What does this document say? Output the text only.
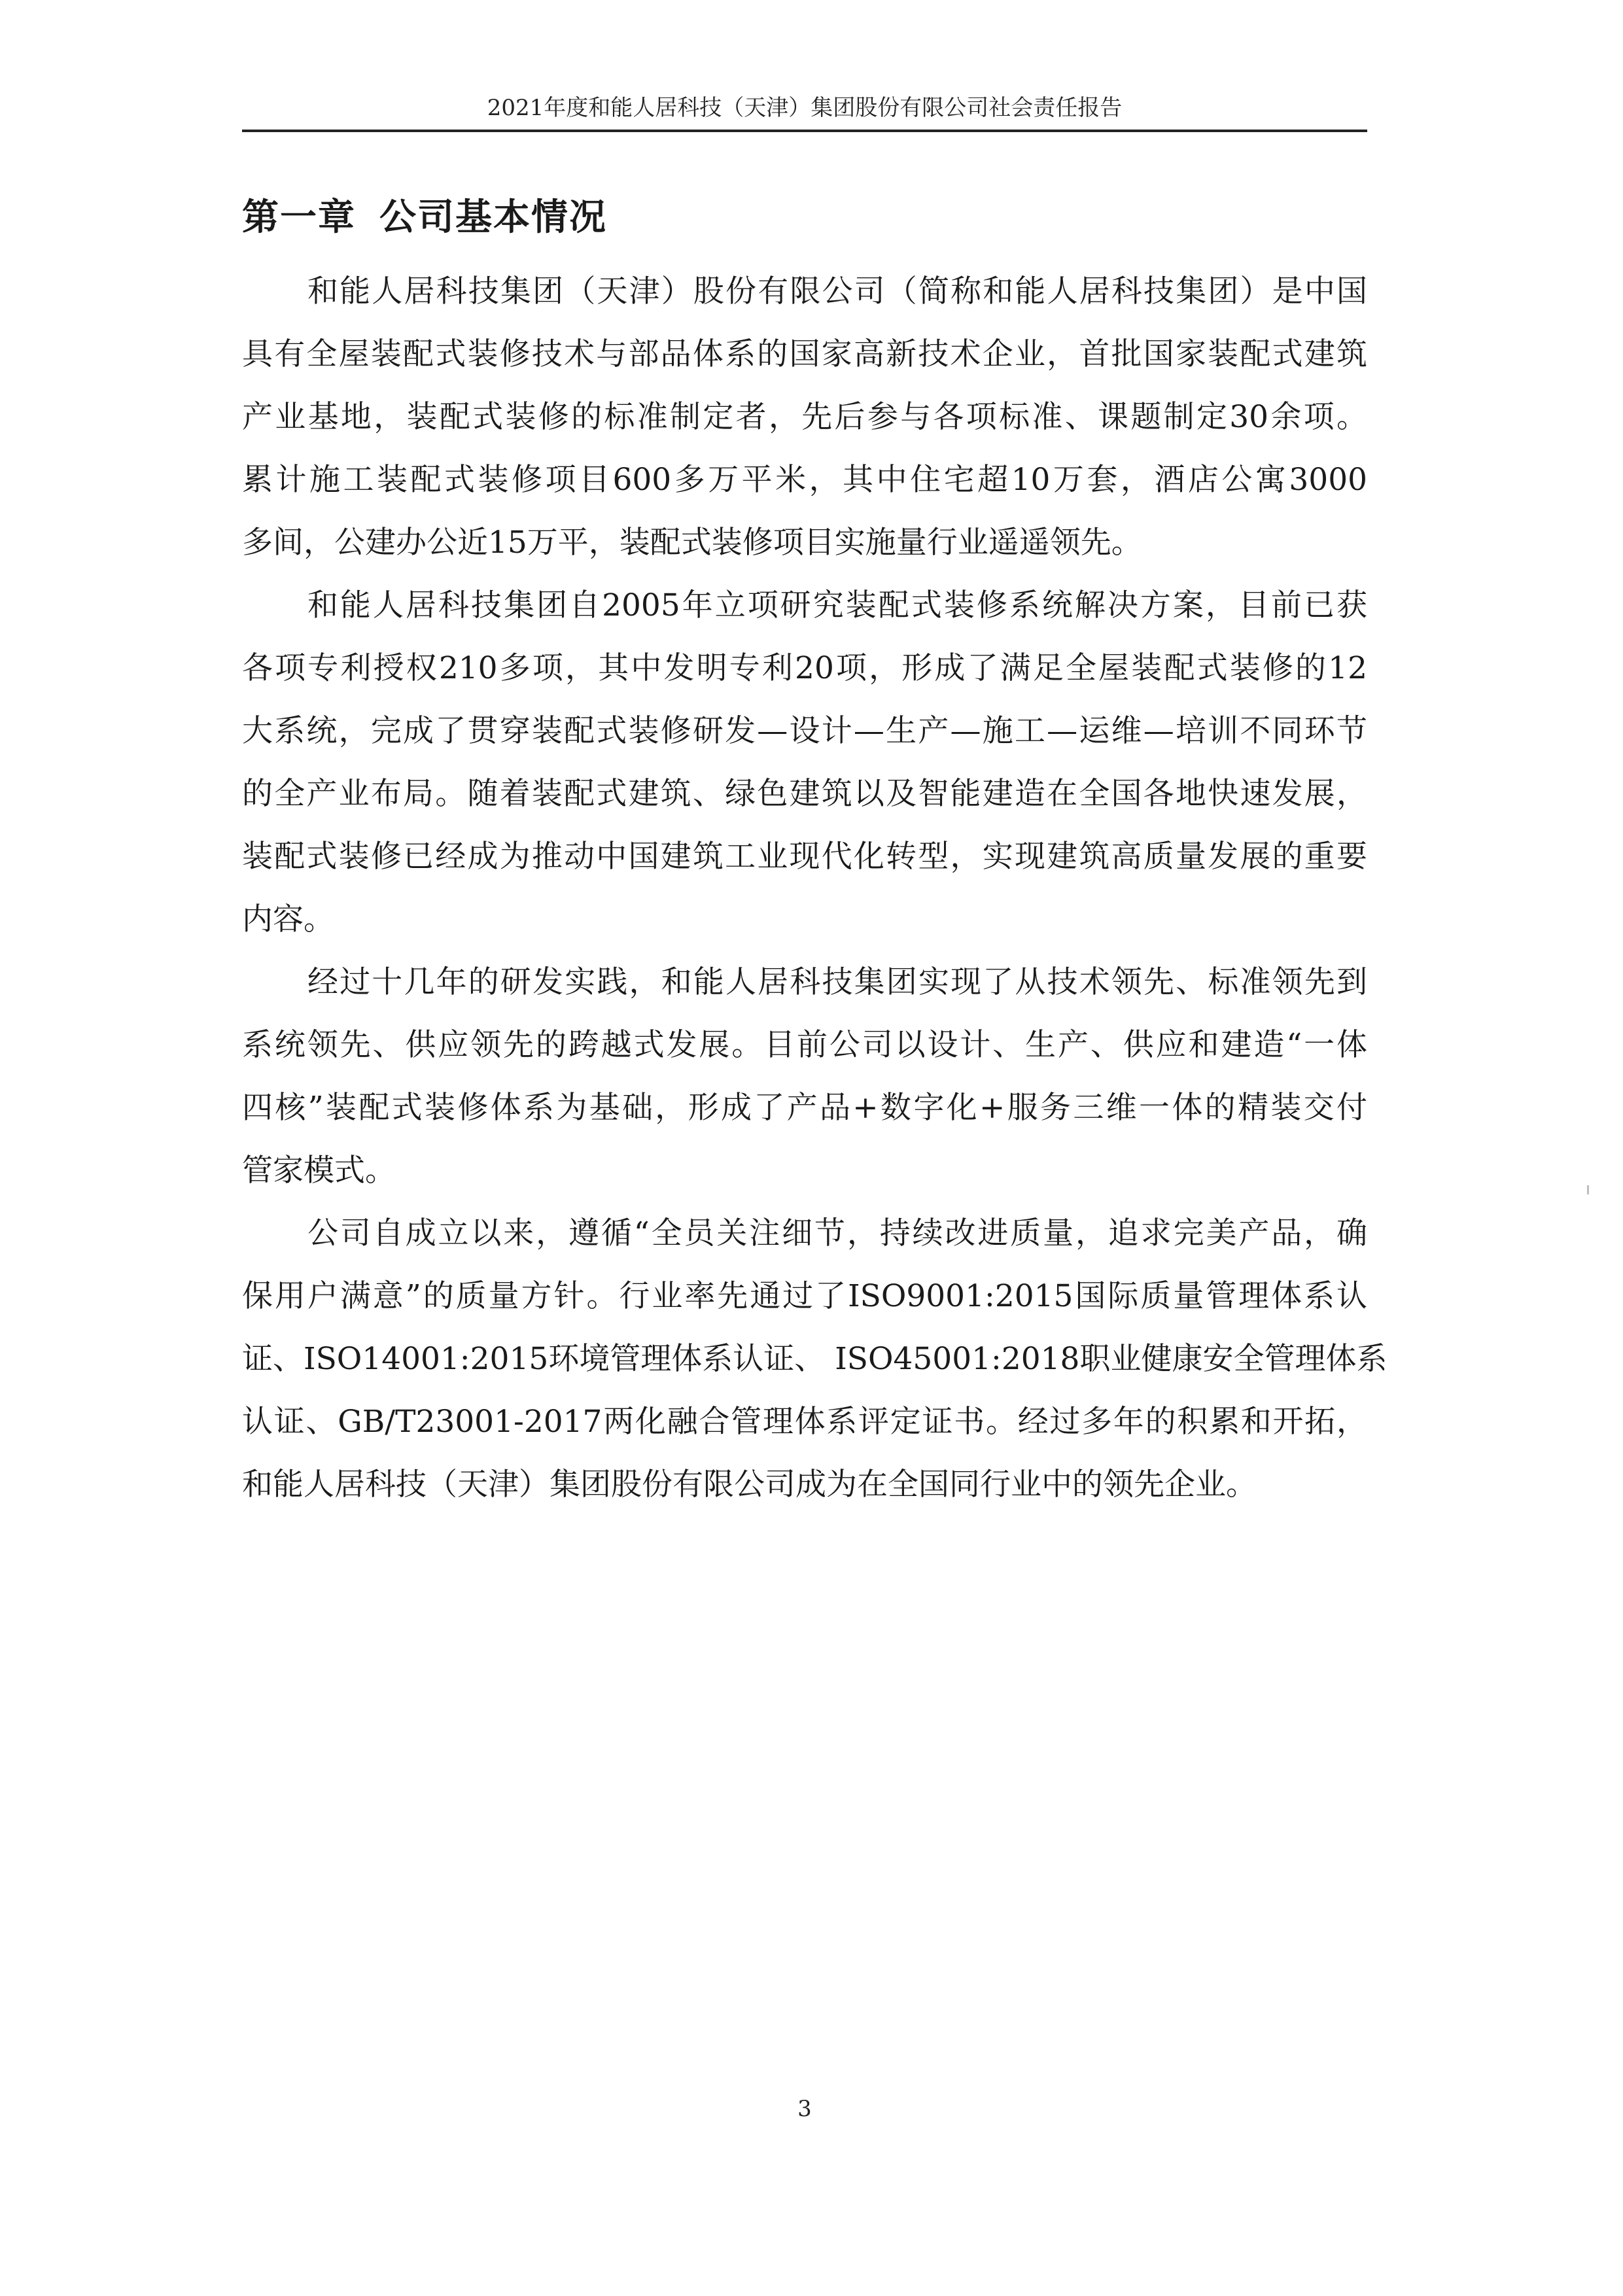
2021年度和能人居科技（天津）集团股份有限公司社会责任报告
第一章 公司基本情况

和能人居科技集团（天津）股份有限公司（简称和能人居科技集团）是中国
具有全屋装配式装修技术与部品体系的国家高新技术企业，首批国家装配式建筑
产业基地，装配式装修的标准制定者，先后参与各项标准、课题制定30余项。
累计施工装配式装修项目600多万平米，其中住宅超10万套，酒店公寓3000
多间，公建办公近15万平，装配式装修项目实施量行业遥遥领先。

和能人居科技集团自2005年立项研究装配式装修系统解决方案，目前已获
各项专利授权210多项，其中发明专利20项，形成了满足全屋装配式装修的12
大系统，完成了贯穿装配式装修研发—设计—生产—施工—运维—培训不同环节
的全产业布局。随着装配式建筑、绿色建筑以及智能建造在全国各地快速发展，
装配式装修已经成为推动中国建筑工业现代化转型，实现建筑高质量发展的重要
内容。

经过十几年的研发实践，和能人居科技集团实现了从技术领先、标准领先到
系统领先、供应领先的跨越式发展。目前公司以设计、生产、供应和建造“一体
四核”装配式装修体系为基础，形成了产品+数字化+服务三维一体的精装交付
管家模式。

公司自成立以来，遵循“全员关注细节，持续改进质量，追求完美产品，确
保用户满意”的质量方针。行业率先通过了ISO9001:2015国际质量管理体系认
证、ISO14001:2015环境管理体系认证、 ISO45001:2018职业健康安全管理体系
认证、GB/T23001-2017两化融合管理体系评定证书。经过多年的积累和开拓，
和能人居科技（天津）集团股份有限公司成为在全国同行业中的领先企业。

3
